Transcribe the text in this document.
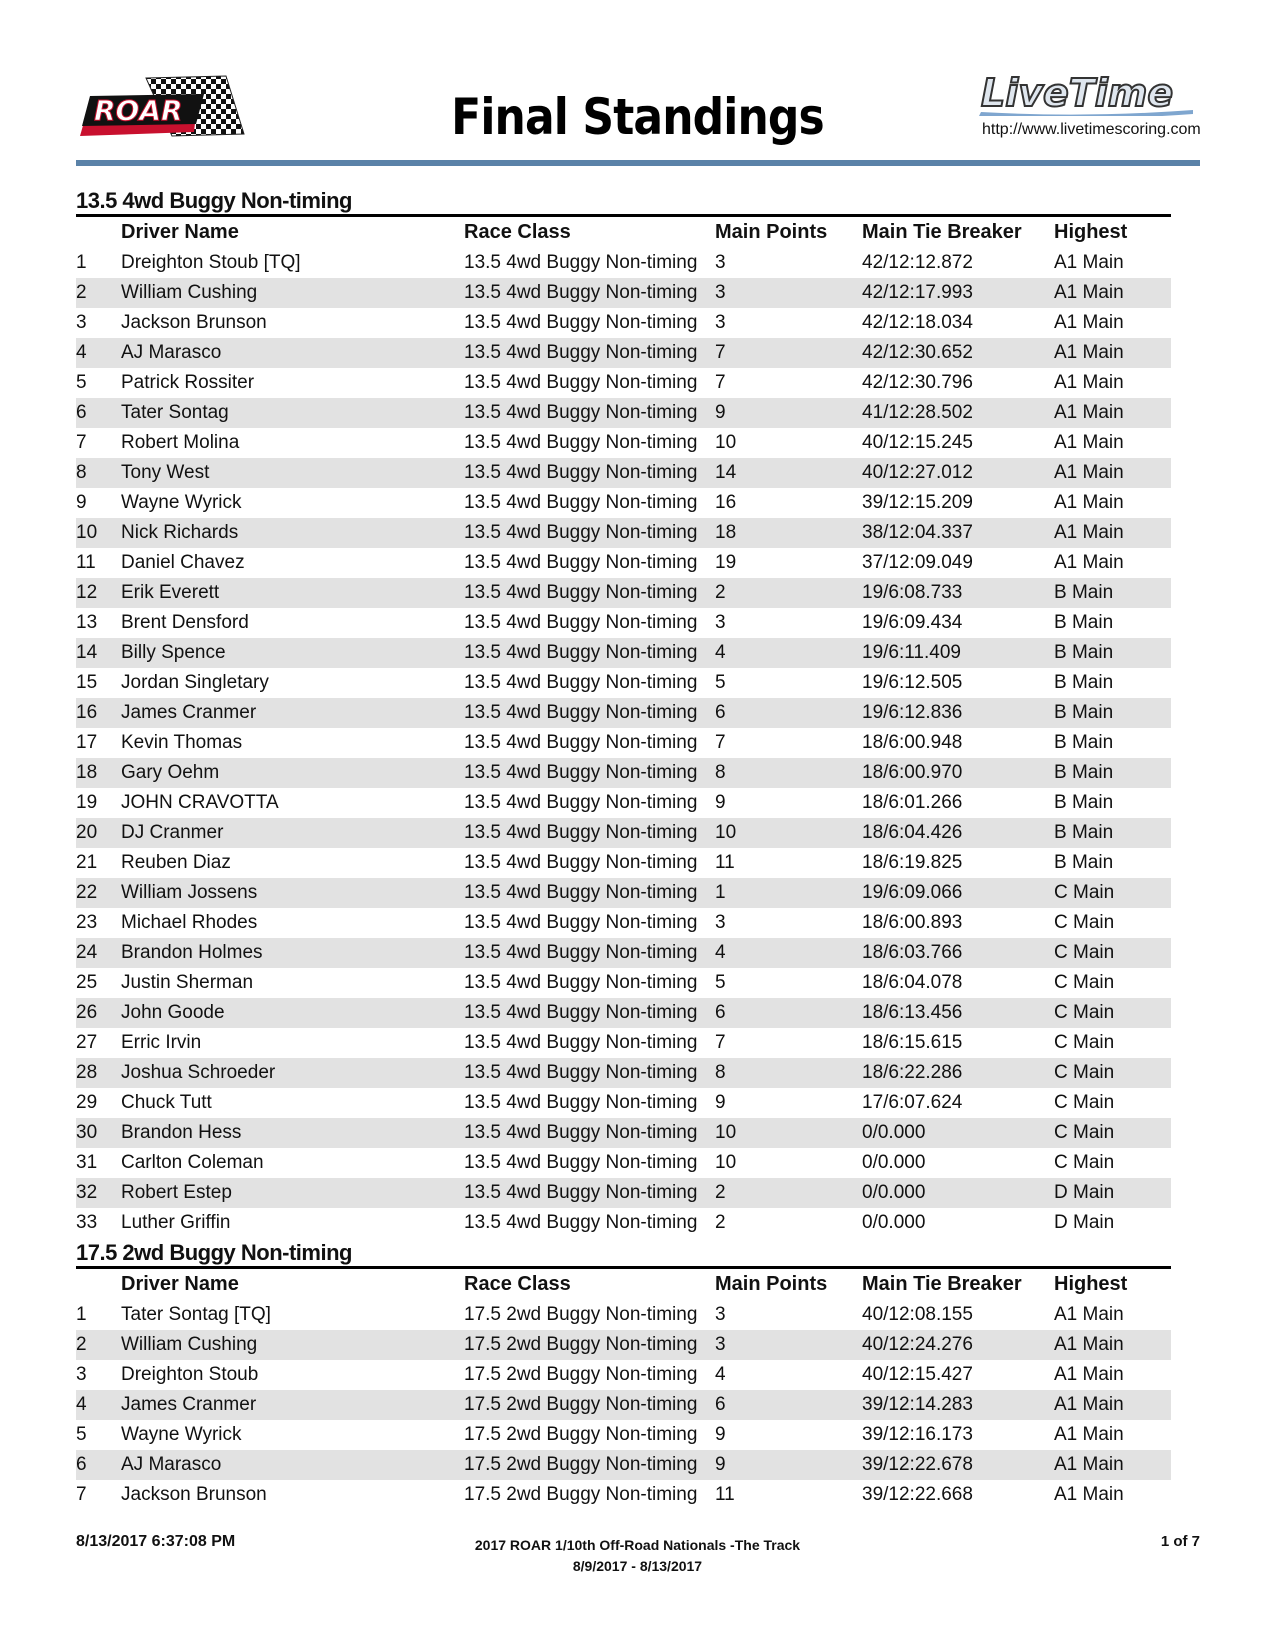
ROAR	Final Standings	LiveTime
http://www.livetimescoring.com
13.5 4wd Buggy Non-timing
Driver Name	Race Class	Main Points	Main Tie Breaker	Highest
1	Dreighton Stoub [TQ]	13.5 4wd Buggy Non-timing 3	42/12:12.872	A1 Main
2	William Cushing	13.5 4wd Buggy Non-timing 3	42/12:17.993	A1 Main
3	Jackson Brunson	13.5 4wd Buggy Non-timing 3	42/12:18.034	A1 Main
4	AJ Marasco	13.5 4wd Buggy Non-timing 7	42/12:30.652	A1 Main
5	Patrick Rossiter	13.5 4wd Buggy Non-timing 7	42/12:30.796	A1 Main
6	Tater Sontag	13.5 4wd Buggy Non-timing 9	41/12:28.502	A1 Main
7	Robert Molina	13.5 4wd Buggy Non-timing 10	40/12:15.245	A1 Main
8	Tony West	13.5 4wd Buggy Non-timing 14	40/12:27.012	A1 Main
9	Wayne Wyrick	13.5 4wd Buggy Non-timing 16	39/12:15.209	A1 Main
10	Nick Richards	13.5 4wd Buggy Non-timing 18	38/12:04.337	A1 Main
11	Daniel Chavez	13.5 4wd Buggy Non-timing 19	37/12:09.049	A1 Main
12	Erik Everett	13.5 4wd Buggy Non-timing 2	19/6:08.733	B Main
13	Brent Densford	13.5 4wd Buggy Non-timing 3	19/6:09.434	B Main
14	Billy Spence	13.5 4wd Buggy Non-timing 4	19/6:11.409	B Main
15	Jordan Singletary	13.5 4wd Buggy Non-timing 5	19/6:12.505	B Main
16	James Cranmer	13.5 4wd Buggy Non-timing 6	19/6:12.836	B Main
17	Kevin Thomas	13.5 4wd Buggy Non-timing 7	18/6:00.948	B Main
18	Gary Oehm	13.5 4wd Buggy Non-timing 8	18/6:00.970	B Main
19	JOHN CRAVOTTA	13.5 4wd Buggy Non-timing 9	18/6:01.266	B Main
20	DJ Cranmer	13.5 4wd Buggy Non-timing 10	18/6:04.426	B Main
21	Reuben Diaz	13.5 4wd Buggy Non-timing 11	18/6:19.825	B Main
22	William Jossens	13.5 4wd Buggy Non-timing 1	19/6:09.066	C Main
23	Michael Rhodes	13.5 4wd Buggy Non-timing 3	18/6:00.893	C Main
24	Brandon Holmes	13.5 4wd Buggy Non-timing 4	18/6:03.766	C Main
25	Justin Sherman	13.5 4wd Buggy Non-timing 5	18/6:04.078	C Main
26	John Goode	13.5 4wd Buggy Non-timing 6	18/6:13.456	C Main
27	Erric Irvin	13.5 4wd Buggy Non-timing 7	18/6:15.615	C Main
28	Joshua Schroeder	13.5 4wd Buggy Non-timing 8	18/6:22.286	C Main
29	Chuck Tutt	13.5 4wd Buggy Non-timing 9	17/6:07.624	C Main
30	Brandon Hess	13.5 4wd Buggy Non-timing 10	0/0.000	C Main
31	Carlton Coleman	13.5 4wd Buggy Non-timing 10	0/0.000	C Main
32	Robert Estep	13.5 4wd Buggy Non-timing 2	0/0.000	D Main
33	Luther Griffin	13.5 4wd Buggy Non-timing 2	0/0.000	D Main
17.5 2wd Buggy Non-timing
Driver Name	Race Class	Main Points	Main Tie Breaker	Highest
1	Tater Sontag [TQ]	17.5 2wd Buggy Non-timing 3	40/12:08.155	A1 Main
2	William Cushing	17.5 2wd Buggy Non-timing 3	40/12:24.276	A1 Main
3	Dreighton Stoub	17.5 2wd Buggy Non-timing 4	40/12:15.427	A1 Main
4	James Cranmer	17.5 2wd Buggy Non-timing 6	39/12:14.283	A1 Main
5	Wayne Wyrick	17.5 2wd Buggy Non-timing 9	39/12:16.173	A1 Main
6	AJ Marasco	17.5 2wd Buggy Non-timing 9	39/12:22.678	A1 Main
7	Jackson Brunson	17.5 2wd Buggy Non-timing 11	39/12:22.668	A1 Main
8/13/2017 6:37:08 PM	2017 ROAR 1/10th Off-Road Nationals -The Track
8/9/2017 - 8/13/2017
1 of 7
